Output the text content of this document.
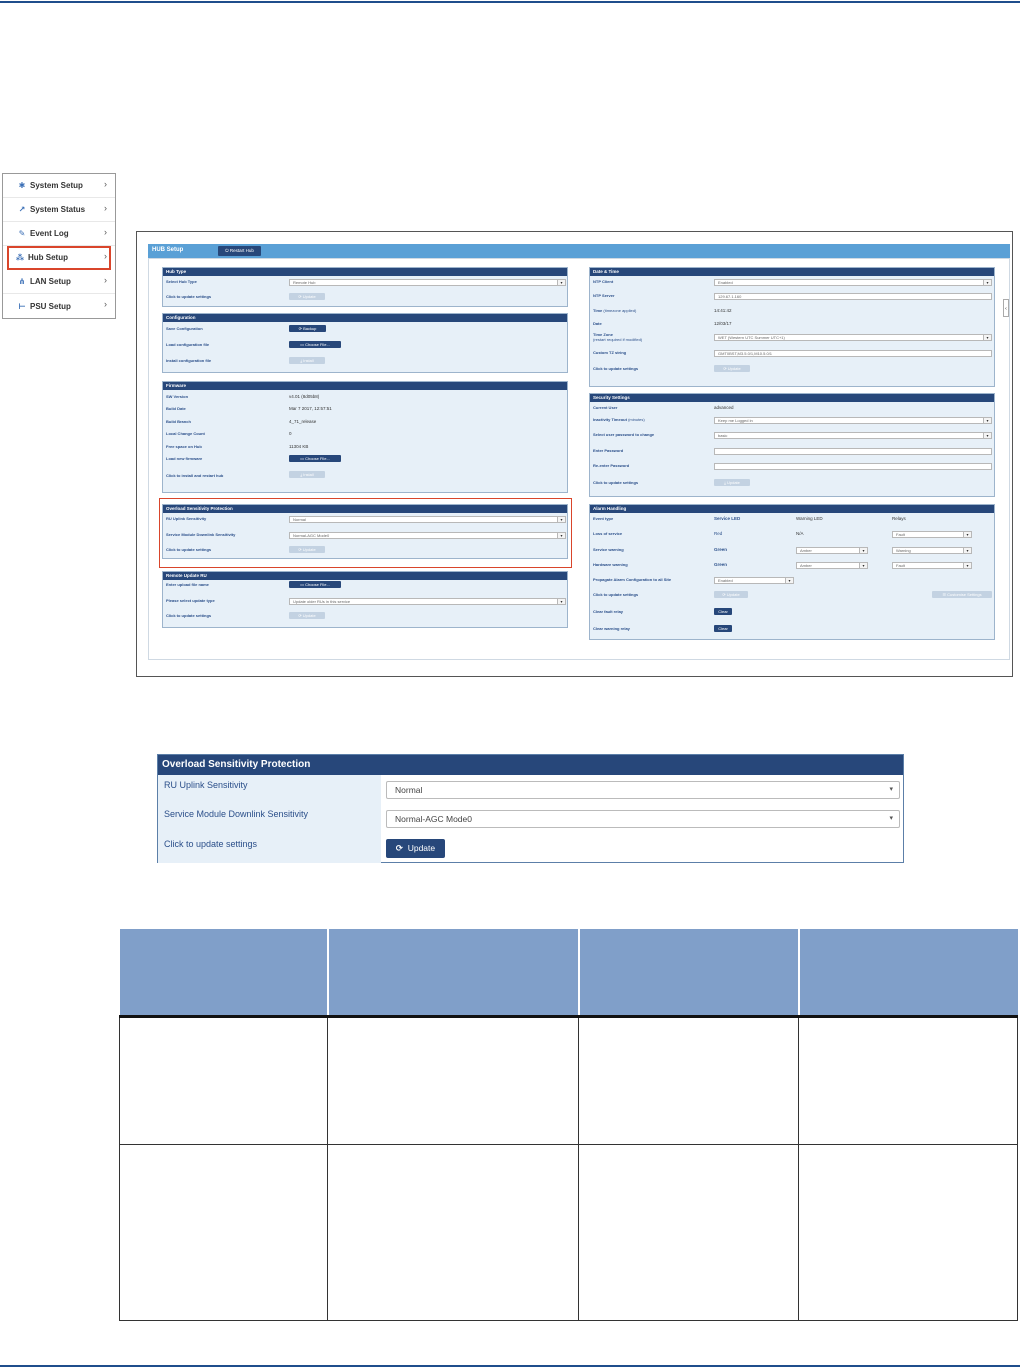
✱ System Setup ›
↗ System Status ›
✎ Event Log	›
⁂ Hub Setup	›
⋔ LAN Setup	›
⊢ PSU Setup	›
HUB Setup	⏻ Restart Hub
Hub Type
Select Hub Type	Remote Hub	▾
Click to update settings	⟳ Update
Configuration
Save Configuration	⟳ Backup
Load configuration file	▭ Choose File...
Install configuration file	⤓ Install
Firmware
SW Version	v4.01 (8d05b8)
Build Date	Mar 7 2017, 12:57:51
Build Branch	4_71_release
Local Change Count	0
Free space on Hub	11304 KB
Load new firmware	▭ Choose File...
Click to install and restart hub	⤓ Install
Overload Sensitivity Protection
RU Uplink Sensitivity	Normal	▾
Service Module Downlink Sensitivity	Normal-AGC Mode0	▾
Click to update settings	⟳ Update
Remote Update RU
Enter upload file name	▭ Choose File...
Please select update type	Update older RUs in this service	▾
Click to update settings	⟳ Update
Date & Time
NTP Client	Enabled	▾
NTP Server	129.67.1.160
Time (timezone applied)	14:41:42
Date	12/03/17
Time Zone
(restart required if modified)	WET (Western UTC Summer UTC+1)	▾
Custom TZ string	GMT0BST,M3.5.0/1,M10.5.0/1
Click to update settings	⟳ Update
Security Settings
Current User	advanced
Inactivity Timeout (minutes)	Keep me Logged in	▾
Select user password to change	basic	▾
Enter Password
Re-enter Password
Click to update settings	⤓ Update
Alarm Handling
Event type	Service LED	Warning LED	Relays
Loss of service	Red	N/A	Fault	▾
Service warning	Green	Amber	▾	Warning	▾
Hardware warning	Green	Amber	▾	Fault	▾
Propagate Alarm Configuration to all Site	Enabled	▾
Click to update settings	⟳ Update	☰ Customise Settings
Clear fault relay	Clear
Clear warning relay	Clear
‹
Overload Sensitivity Protection
RU Uplink Sensitivity	Normal	▾
Service Module Downlink Sensitivity	Normal-AGC Mode0	▾
Click to update settings	⟳ Update
